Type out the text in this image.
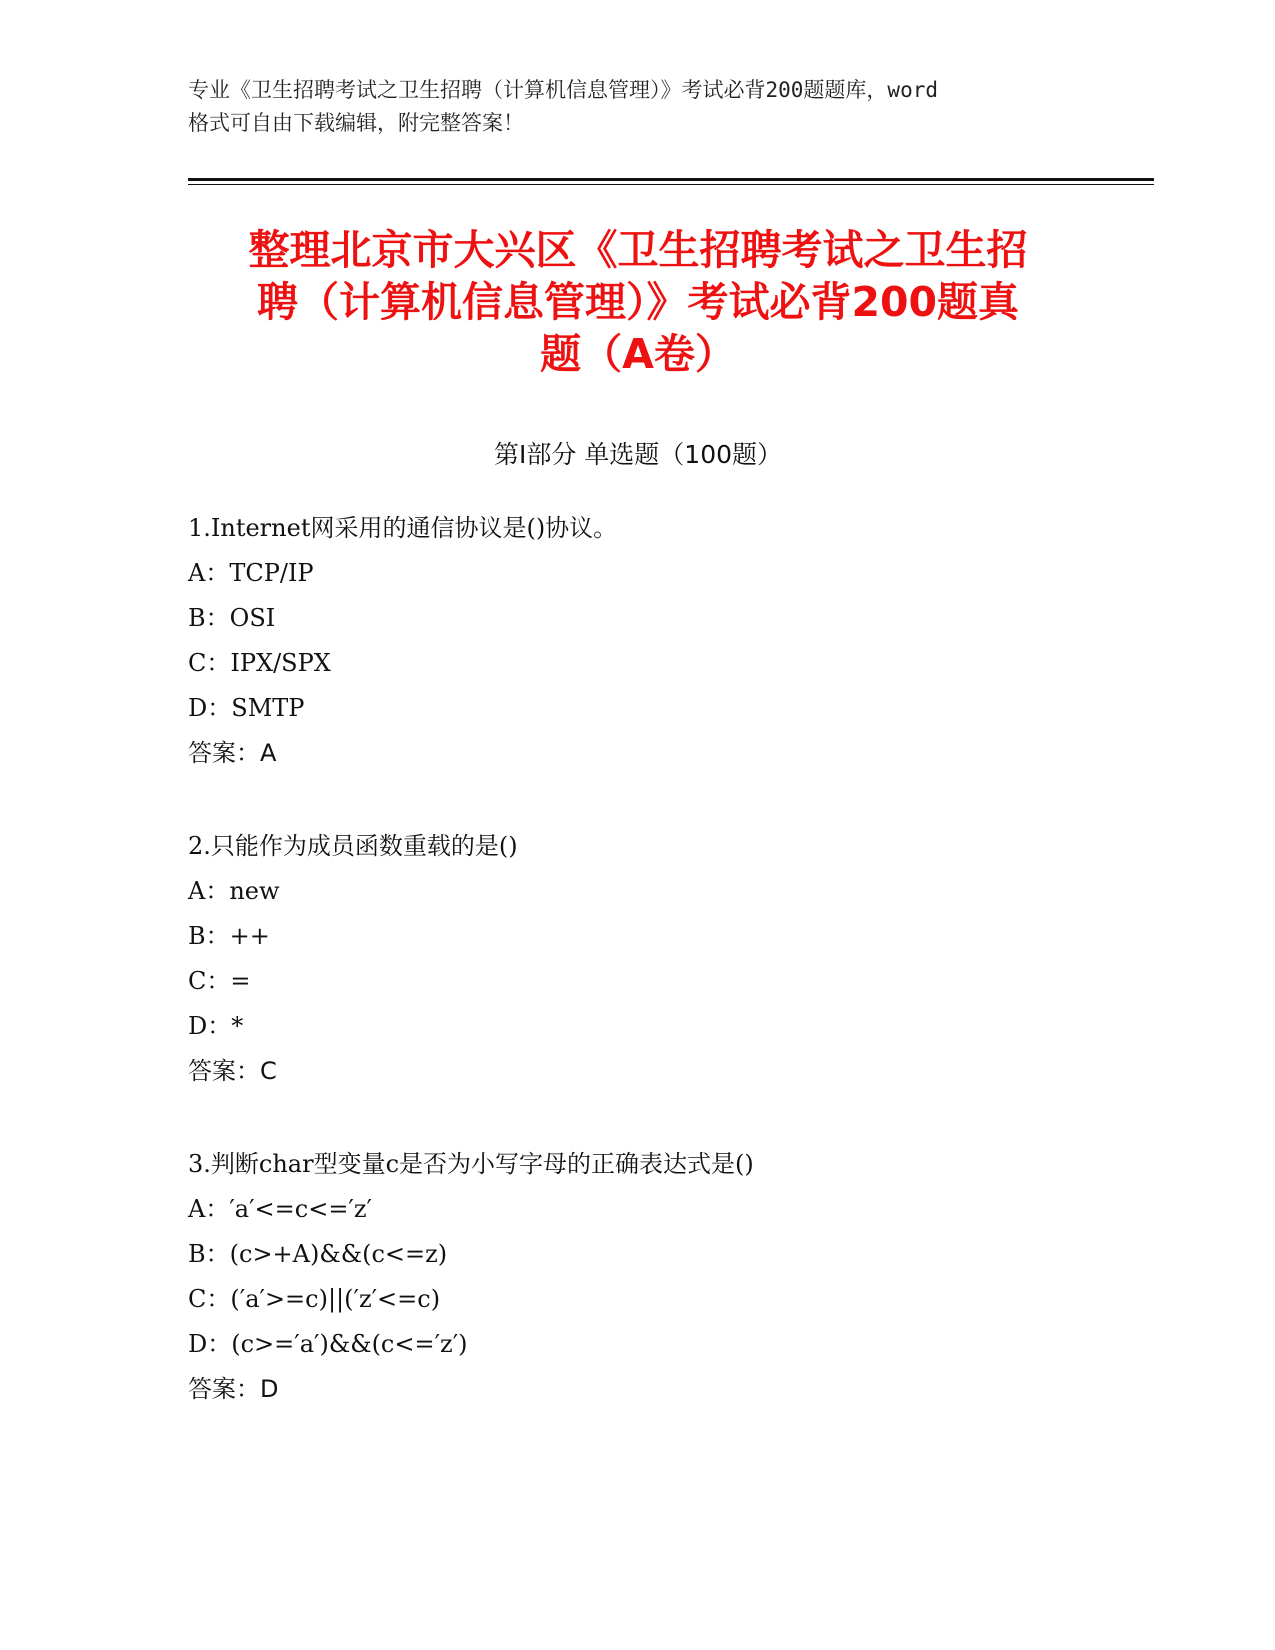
专业《卫生招聘考试之卫生招聘（计算机信息管理）》考试必背200题题库，word
格式可自由下载编辑，附完整答案！
整理北京市大兴区《卫生招聘考试之卫生招
聘（计算机信息管理）》考试必背200题真
题（A卷）
第I部分 单选题（100题）
1.Internet网采用的通信协议是()协议。
A：TCP/IP
B：OSI
C：IPX/SPX
D：SMTP
答案：A
2.只能作为成员函数重载的是()
A：new
B：++
C：=
D：*
答案：C
3.判断char型变量c是否为小写字母的正确表达式是()
A：′a′<=c<=′z′
B：(c>+A)&&(c<=z)
C：(′a′>=c)||(′z′<=c)
D：(c>=′a′)&&(c<=′z′)
答案：D
